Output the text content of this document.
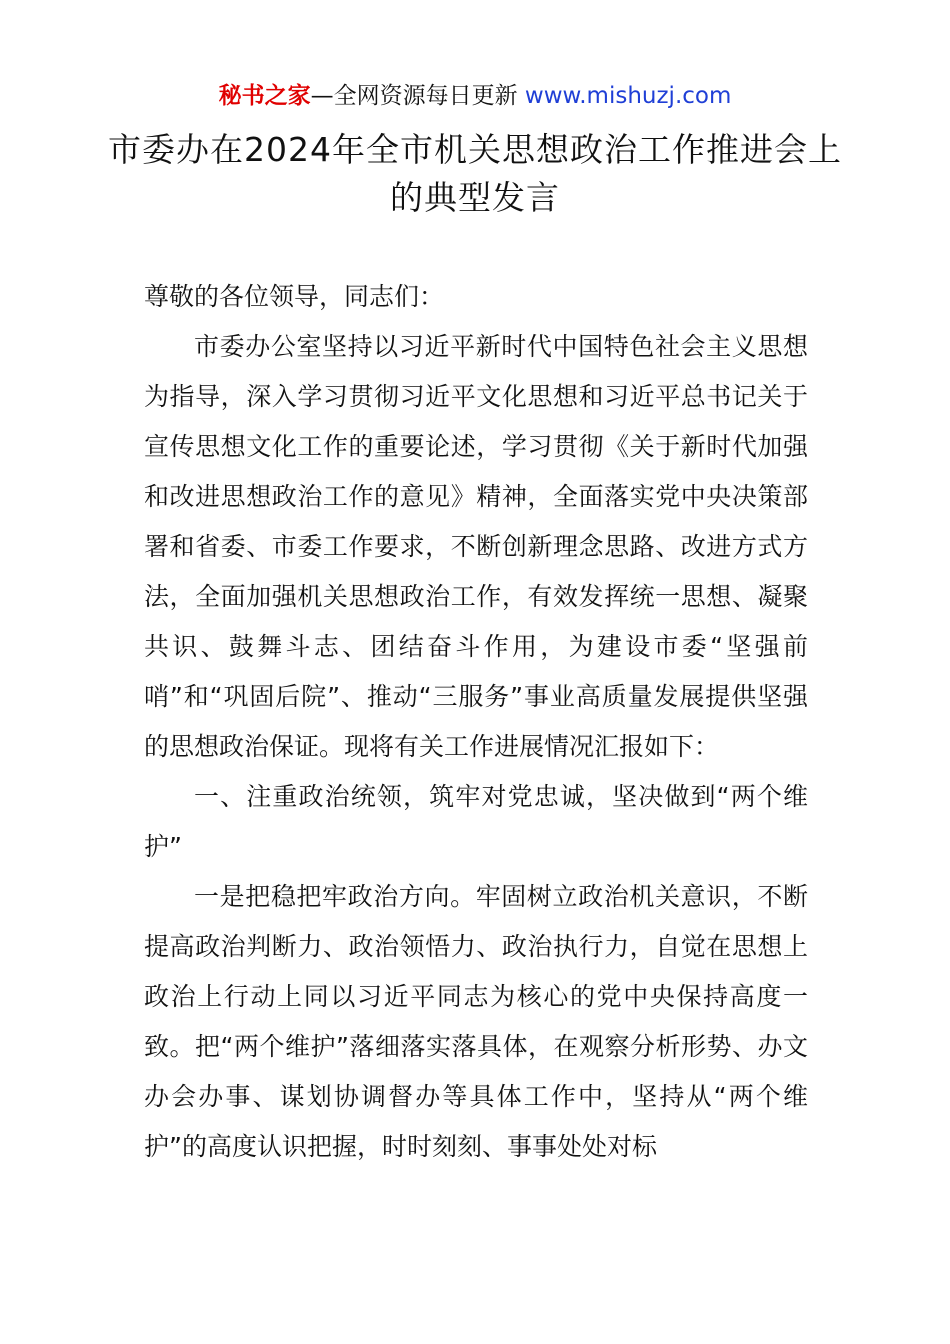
秘书之家—全网资源每日更新 www.mishuzj.com
市委办在2024年全市机关思想政治工作推进会上的典型发言

尊敬的各位领导，同志们：

市委办公室坚持以习近平新时代中国特色社会主义思想为指导，深入学习贯彻习近平文化思想和习近平总书记关于宣传思想文化工作的重要论述，学习贯彻《关于新时代加强和改进思想政治工作的意见》精神，全面落实党中央决策部署和省委、市委工作要求，不断创新理念思路、改进方式方法，全面加强机关思想政治工作，有效发挥统一思想、凝聚共识、鼓舞斗志、团结奋斗作用，为建设市委“坚强前哨”和“巩固后院”、推动“三服务”事业高质量发展提供坚强的思想政治保证。现将有关工作进展情况汇报如下：

一、注重政治统领，筑牢对党忠诚，坚决做到“两个维护”

一是把稳把牢政治方向。牢固树立政治机关意识，不断提高政治判断力、政治领悟力、政治执行力，自觉在思想上政治上行动上同以习近平同志为核心的党中央保持高度一致。把“两个维护”落细落实落具体，在观察分析形势、办文办会办事、谋划协调督办等具体工作中，坚持从“两个维护”的高度认识把握，时时刻刻、事事处处对标
